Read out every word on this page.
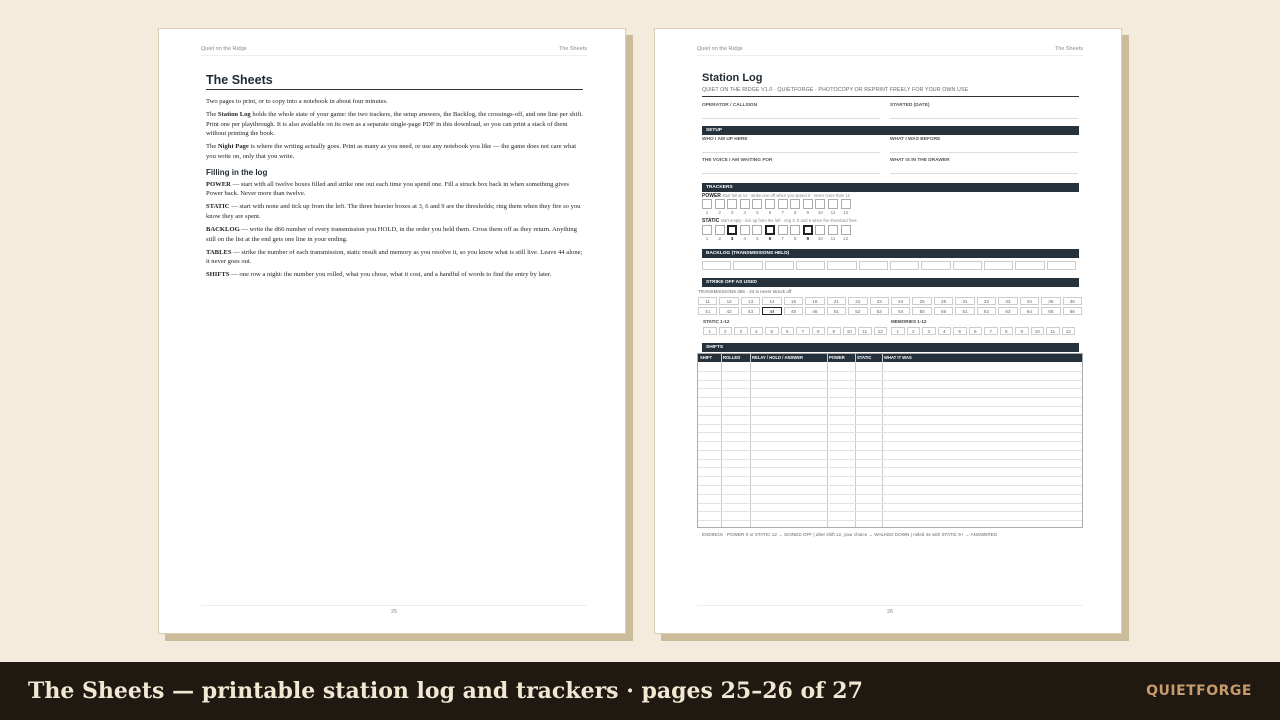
Quiet on the Ridge	The Sheets
The Sheets

Two pages to print, or to copy into a notebook in about four minutes.

The Station Log holds the whole state of your game: the two trackers, the setup answers, the Backlog, the crossings-off, and one line per shift. Print one per playthrough. It is also available on its own as a separate single-page PDF in this download, so you can print a stack of them without printing the book.

The Night Page is where the writing actually goes. Print as many as you need, or use any notebook you like — the game does not care what you write on, only that you write.

Filling in the log

POWER — start with all twelve boxes filled and strike one out each time you spend one. Fill a struck box back in when something gives Power back. Never more than twelve.

STATIC — start with none and tick up from the left. The three heavier boxes at 3, 6 and 9 are the thresholds; ring them when they fire so you know they are spent.

BACKLOG — write the d66 number of every transmission you HOLD, in the order you held them. Cross them off as they return. Anything still on the list at the end gets one line in your ending.

TABLES — strike the number of each transmission, static result and memory as you resolve it, so you know what is still live. Leave 44 alone; it never goes out.

SHIFTS — one row a night: the number you rolled, what you chose, what it cost, and a handful of words to find the entry by later.

25
Quiet on the Ridge	The Sheets
Station Log
QUIET ON THE RIDGE V1.0 · QUIETFORGE · PHOTOCOPY OR REPRINT FREELY FOR YOUR OWN USE
OPERATOR / CALLSIGN	STARTED (DATE)
SETUP
WHO I AM UP HERE	WHAT I WAS BEFORE
THE VOICE I AM WAITING FOR	WHAT IS IN THE DRAWER
TRACKERS
POWER start full at 12 · strike one off when you spend it · never more than 12
STATIC start empty · tick up from the left · ring 3, 6 and 9 when the threshold fires
BACKLOG (TRANSMISSIONS HELD)
STRIKE OFF AS USED
TRANSMISSIONS d66 · 44 is never struck off
STATIC 1-12	MEMORIES 1-12
SHIFTS
SHIFT	ROLLED	RELAY / HOLD / ANSWER	POWER	STATIC	WHAT IT WAS
ENDINGS · POWER 0 or STATIC 12 → SIGNED OFF | after shift 12, your choice → WALKED DOWN | rolled 44 with STATIC 6+ → ANSWERED
1
1
2
2
3
3
4
4
5
5
6
6
7
7
8
8
9
9
10
10
11
11
12
12
11	12	13	14	15	16	21	22	23	24	25	26	31	32	33	34	35	36
41	42	43	44	45	46	51	52	53	54	55	56	61	62	63	64	65	66
1	1
2	2
3	3
4	4
5	5
6	6
7	7
8	8
9	9
10	10
11	11
12	12
26
The Sheets — printable station log and trackers · pages 25–26 of 27	QUIETFORGE
